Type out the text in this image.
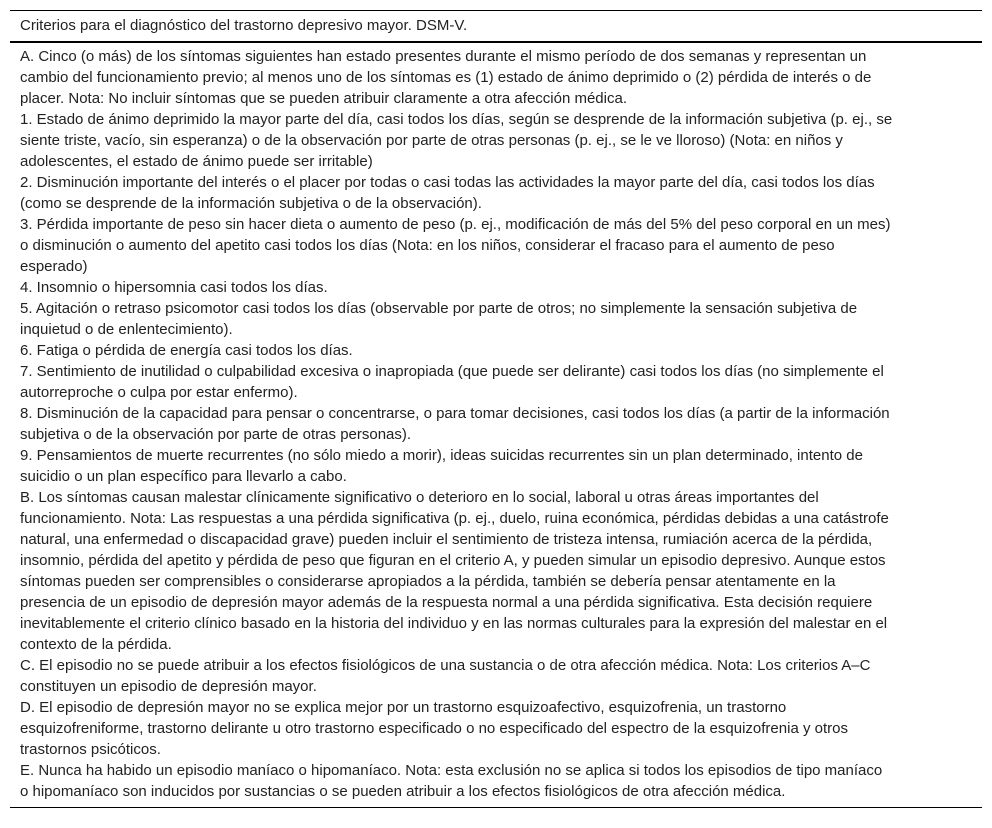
Criterios para el diagnóstico del trastorno depresivo mayor. DSM-V.
A. Cinco (o más) de los síntomas siguientes han estado presentes durante el mismo período de dos semanas y representan un
cambio del funcionamiento previo; al menos uno de los síntomas es (1) estado de ánimo deprimido o (2) pérdida de interés o de
placer. Nota: No incluir síntomas que se pueden atribuir claramente a otra afección médica.
1. Estado de ánimo deprimido la mayor parte del día, casi todos los días, según se desprende de la información subjetiva (p. ej., se
siente triste, vacío, sin esperanza) o de la observación por parte de otras personas (p. ej., se le ve lloroso) (Nota: en niños y
adolescentes, el estado de ánimo puede ser irritable)
2. Disminución importante del interés o el placer por todas o casi todas las actividades la mayor parte del día, casi todos los días
(como se desprende de la información subjetiva o de la observación).
3. Pérdida importante de peso sin hacer dieta o aumento de peso (p. ej., modificación de más del 5% del peso corporal en un mes)
o disminución o aumento del apetito casi todos los días (Nota: en los niños, considerar el fracaso para el aumento de peso
esperado)
4. Insomnio o hipersomnia casi todos los días.
5. Agitación o retraso psicomotor casi todos los días (observable por parte de otros; no simplemente la sensación subjetiva de
inquietud o de enlentecimiento).
6. Fatiga o pérdida de energía casi todos los días.
7. Sentimiento de inutilidad o culpabilidad excesiva o inapropiada (que puede ser delirante) casi todos los días (no simplemente el
autorreproche o culpa por estar enfermo).
8. Disminución de la capacidad para pensar o concentrarse, o para tomar decisiones, casi todos los días (a partir de la información
subjetiva o de la observación por parte de otras personas).
9. Pensamientos de muerte recurrentes (no sólo miedo a morir), ideas suicidas recurrentes sin un plan determinado, intento de
suicidio o un plan específico para llevarlo a cabo.
B. Los síntomas causan malestar clínicamente significativo o deterioro en lo social, laboral u otras áreas importantes del
funcionamiento. Nota: Las respuestas a una pérdida significativa (p. ej., duelo, ruina económica, pérdidas debidas a una catástrofe
natural, una enfermedad o discapacidad grave) pueden incluir el sentimiento de tristeza intensa, rumiación acerca de la pérdida,
insomnio, pérdida del apetito y pérdida de peso que figuran en el criterio A, y pueden simular un episodio depresivo. Aunque estos
síntomas pueden ser comprensibles o considerarse apropiados a la pérdida, también se debería pensar atentamente en la
presencia de un episodio de depresión mayor además de la respuesta normal a una pérdida significativa. Esta decisión requiere
inevitablemente el criterio clínico basado en la historia del individuo y en las normas culturales para la expresión del malestar en el
contexto de la pérdida.
C. El episodio no se puede atribuir a los efectos fisiológicos de una sustancia o de otra afección médica. Nota: Los criterios A–C
constituyen un episodio de depresión mayor.
D. El episodio de depresión mayor no se explica mejor por un trastorno esquizoafectivo, esquizofrenia, un trastorno
esquizofreniforme, trastorno delirante u otro trastorno especificado o no especificado del espectro de la esquizofrenia y otros
trastornos psicóticos.
E. Nunca ha habido un episodio maníaco o hipomaníaco. Nota: esta exclusión no se aplica si todos los episodios de tipo maníaco
o hipomaníaco son inducidos por sustancias o se pueden atribuir a los efectos fisiológicos de otra afección médica.
